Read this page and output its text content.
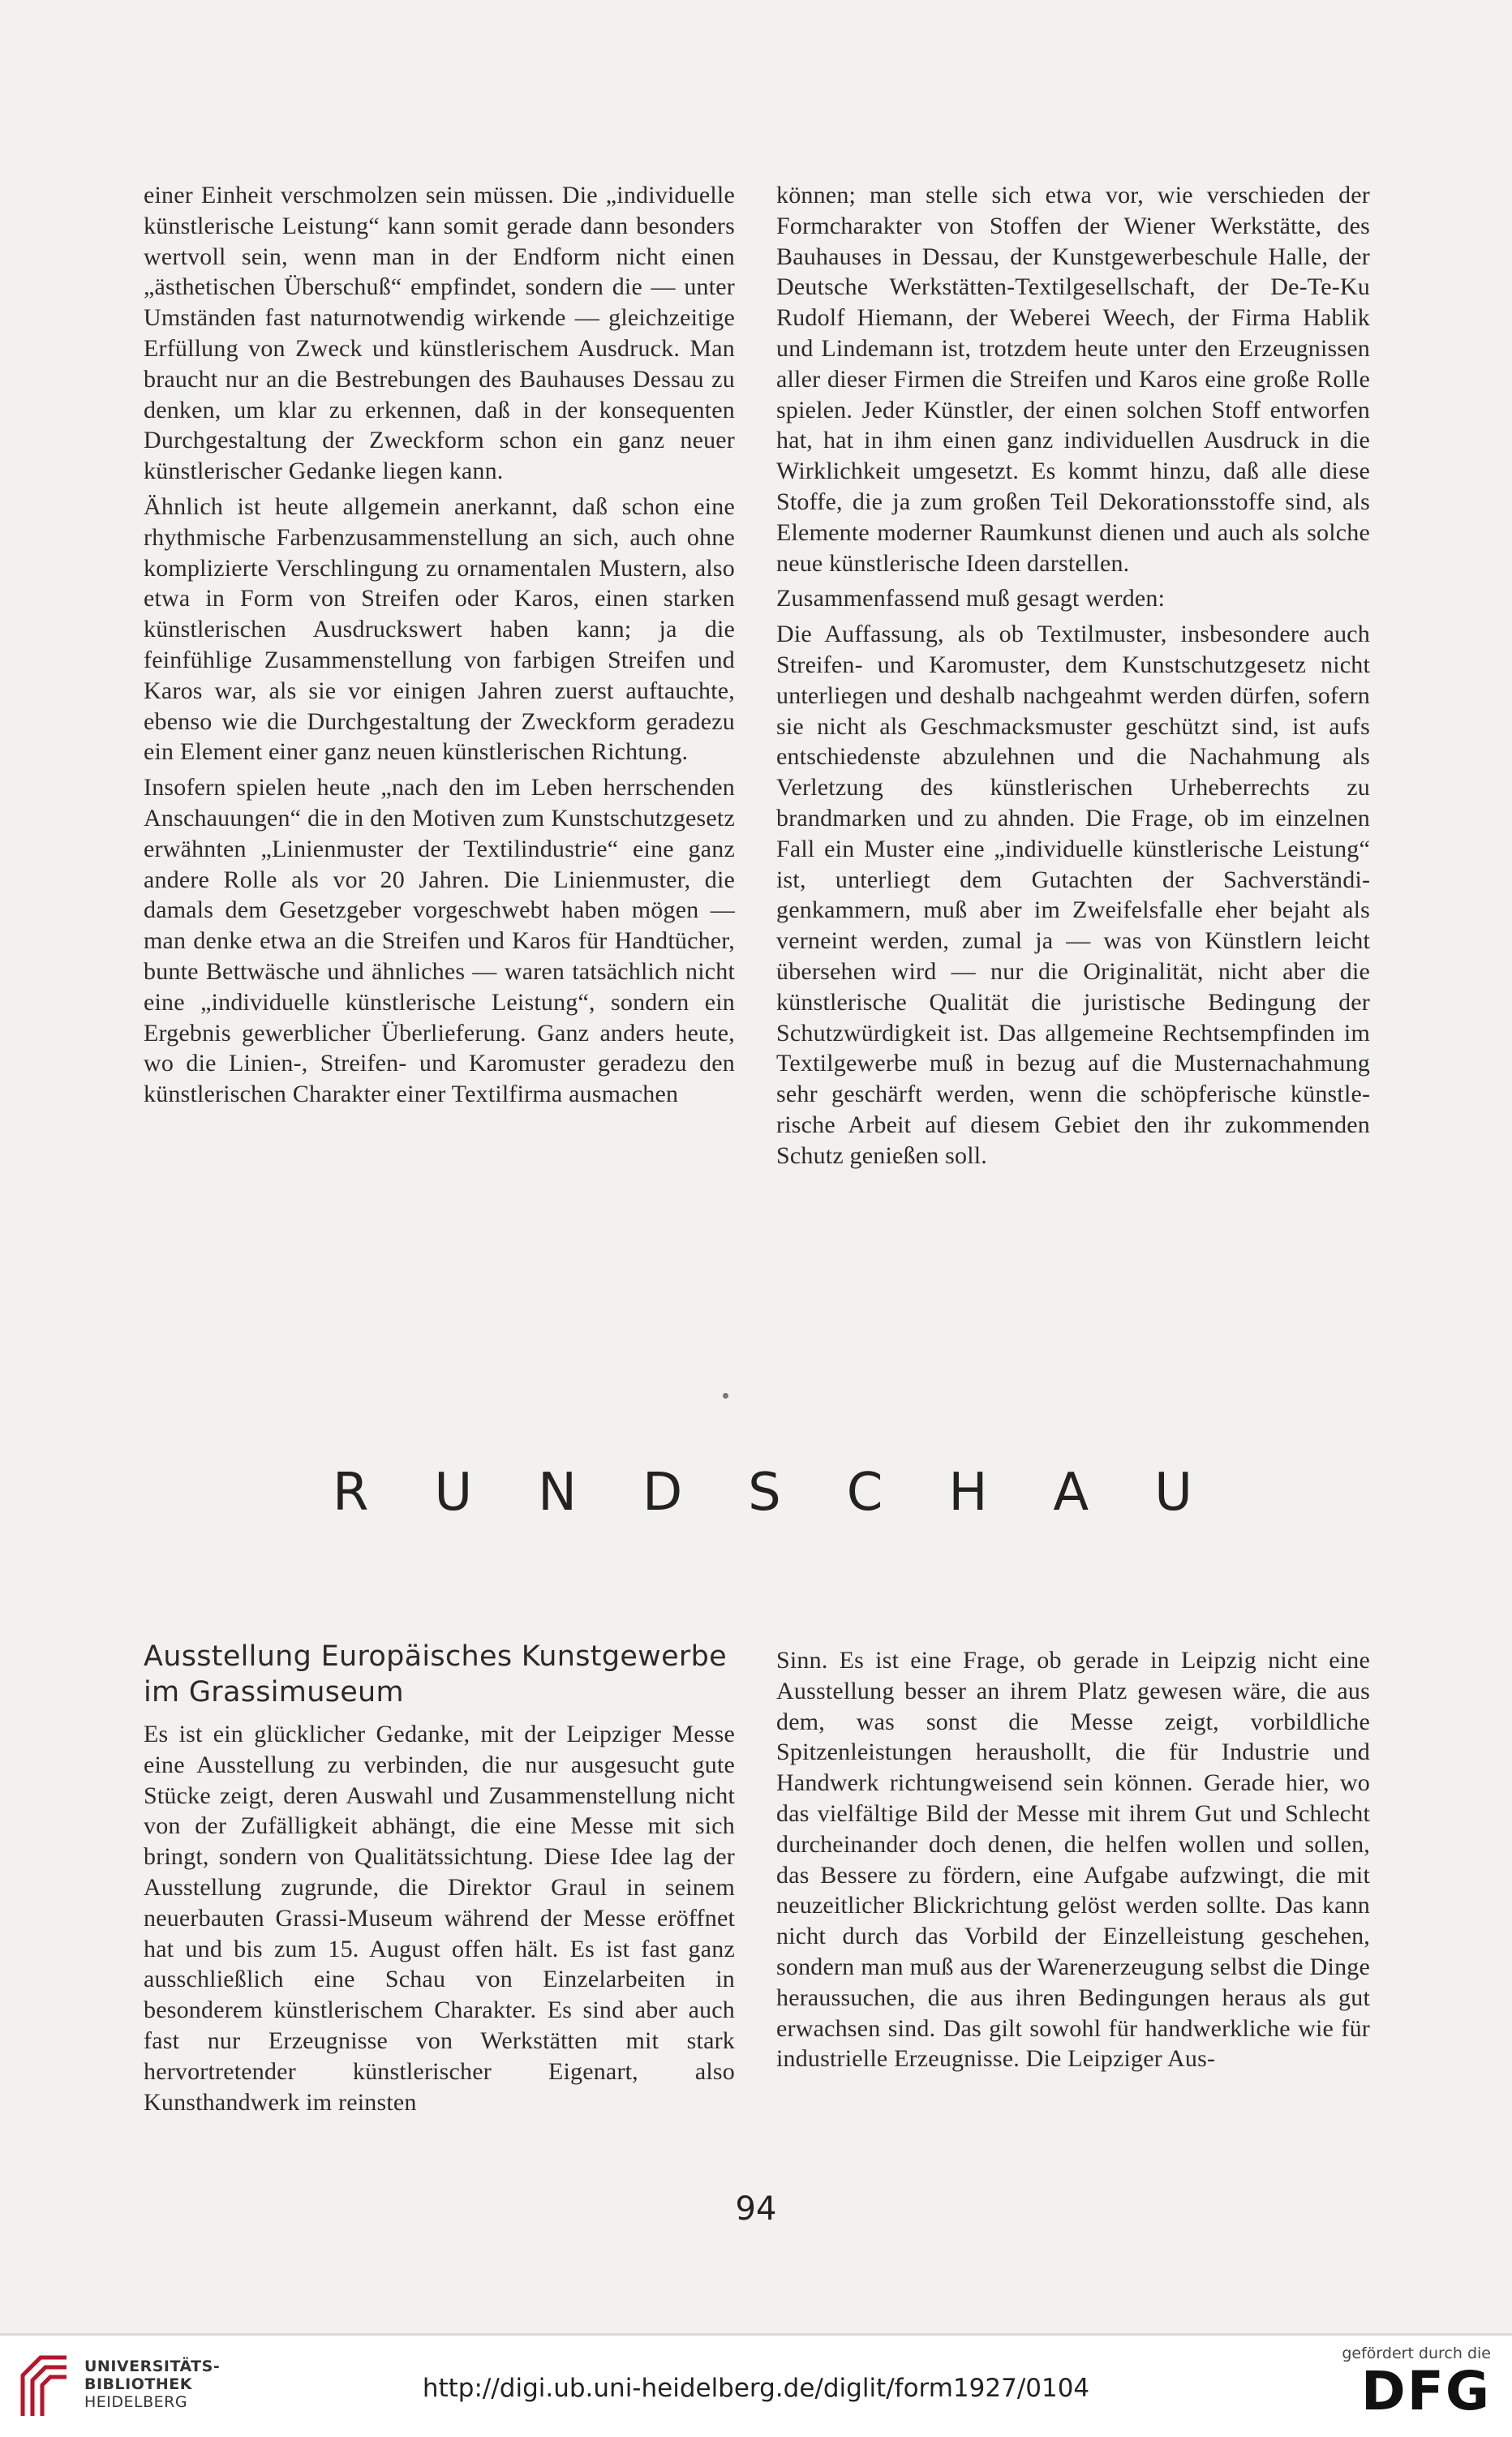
einer Einheit verschmolzen sein müssen. Die „individuelle künstlerische Leistung“ kann somit gerade dann besonders wertvoll sein, wenn man in der Endform nicht einen „ästhetischen Überschuß“ empfindet, sondern die — unter Umständen fast naturnotwendig wirkende — gleichzeitige Erfüllung von Zweck und künstlerischem Ausdruck. Man braucht nur an die Bestrebungen des Bauhauses Dessau zu denken, um klar zu erkennen, daß in der konsequenten Durchgestaltung der Zweckform schon ein ganz neuer künstlerischer Gedanke liegen kann.

Ähnlich ist heute allgemein anerkannt, daß schon eine rhythmische Farbenzusammenstellung an sich, auch ohne komplizierte Verschlingung zu ornamentalen Mustern, also etwa in Form von Streifen oder Karos, einen starken künstlerischen Ausdruckswert haben kann; ja die feinfühlige Zusammenstellung von farbigen Streifen und Karos war, als sie vor einigen Jahren zuerst auftauchte, ebenso wie die Durchgestaltung der Zweckform geradezu ein Element einer ganz neuen künstlerischen Richtung.

Insofern spielen heute „nach den im Leben herrschenden Anschauungen“ die in den Motiven zum Kunstschutzgesetz erwähnten „Linienmuster der Textilindustrie“ eine ganz andere Rolle als vor 20 Jahren. Die Linienmuster, die damals dem Gesetzgeber vorgeschwebt haben mögen — man denke etwa an die Streifen und Karos für Handtücher, bunte Bettwäsche und ähnliches — waren tatsächlich nicht eine „individuelle künstlerische Leistung“, sondern ein Ergebnis gewerblicher Überlieferung. Ganz anders heute, wo die Linien-, Streifen- und Karomuster geradezu den künstlerischen Charakter einer Textilfirma ausmachen

können; man stelle sich etwa vor, wie verschieden der Formcharakter von Stoffen der Wiener Werkstätte, des Bauhauses in Dessau, der Kunstgewerbeschule Halle, der Deutsche Werkstätten-Textilgesellschaft, der De-Te-Ku Rudolf Hiemann, der Weberei Weech, der Firma Hablik und Lindemann ist, trotzdem heute unter den Erzeugnissen aller dieser Firmen die Streifen und Karos eine große Rolle spielen. Jeder Künstler, der einen solchen Stoff entworfen hat, hat in ihm einen ganz individuellen Ausdruck in die Wirklichkeit umgesetzt. Es kommt hinzu, daß alle diese Stoffe, die ja zum großen Teil Dekorationsstoffe sind, als Elemente moderner Raumkunst dienen und auch als solche neue künstlerische Ideen darstellen.

Zusammenfassend muß gesagt werden:

Die Auffassung, als ob Textilmuster, insbesondere auch Streifen- und Karomuster, dem Kunstschutzgesetz nicht unterliegen und deshalb nachgeahmt werden dürfen, sofern sie nicht als Geschmacksmuster geschützt sind, ist aufs entschiedenste abzulehnen und die Nachahmung als Verletzung des künstlerischen Urheberrechts zu brandmarken und zu ahnden. Die Frage, ob im einzelnen Fall ein Muster eine „individuelle künstlerische Leistung“ ist, unterliegt dem Gutachten der Sachverständigenkammern, muß aber im Zweifelsfalle eher bejaht als verneint werden, zumal ja — was von Künstlern leicht übersehen wird — nur die Originalität, nicht aber die künstlerische Qualität die juristische Bedingung der Schutzwürdigkeit ist. Das allgemeine Rechtsempfinden im Textilgewerbe muß in bezug auf die Musternachahmung sehr geschärft werden, wenn die schöpferische künstlerische Arbeit auf diesem Gebiet den ihr zukommenden Schutz genießen soll.

R U N D S C H A U
Ausstellung Europäisches Kunstgewerbe im Grassimuseum

Es ist ein glücklicher Gedanke, mit der Leipziger Messe eine Ausstellung zu verbinden, die nur ausgesucht gute Stücke zeigt, deren Auswahl und Zusammenstellung nicht von der Zufälligkeit abhängt, die eine Messe mit sich bringt, sondern von Qualitätssichtung. Diese Idee lag der Ausstellung zugrunde, die Direktor Graul in seinem neuerbauten Grassi-Museum während der Messe eröffnet hat und bis zum 15. August offen hält. Es ist fast ganz ausschließlich eine Schau von Einzelarbeiten in besonderem künstlerischem Charakter. Es sind aber auch fast nur Erzeugnisse von Werkstätten mit stark hervortretender künstlerischer Eigenart, also Kunsthandwerk im reinsten

Sinn. Es ist eine Frage, ob gerade in Leipzig nicht eine Ausstellung besser an ihrem Platz gewesen wäre, die aus dem, was sonst die Messe zeigt, vorbildliche Spitzenleistungen heraushollt, die für Industrie und Handwerk richtungweisend sein können. Gerade hier, wo das vielfältige Bild der Messe mit ihrem Gut und Schlecht durcheinander doch denen, die helfen wollen und sollen, das Bessere zu fördern, eine Aufgabe aufzwingt, die mit neuzeitlicher Blickrichtung gelöst werden sollte. Das kann nicht durch das Vorbild der Einzelleistung geschehen, sondern man muß aus der Warenerzeugung selbst die Dinge heraussuchen, die aus ihren Bedingungen heraus als gut erwachsen sind. Das gilt sowohl für handwerkliche wie für industrielle Erzeugnisse. Die Leipziger Aus-

94
UNIVERSITÄTS-
BIBLIOTHEK
HEIDELBERG	http://digi.ub.uni-heidelberg.de/diglit/form1927/0104
gefördert durch die
DFG
